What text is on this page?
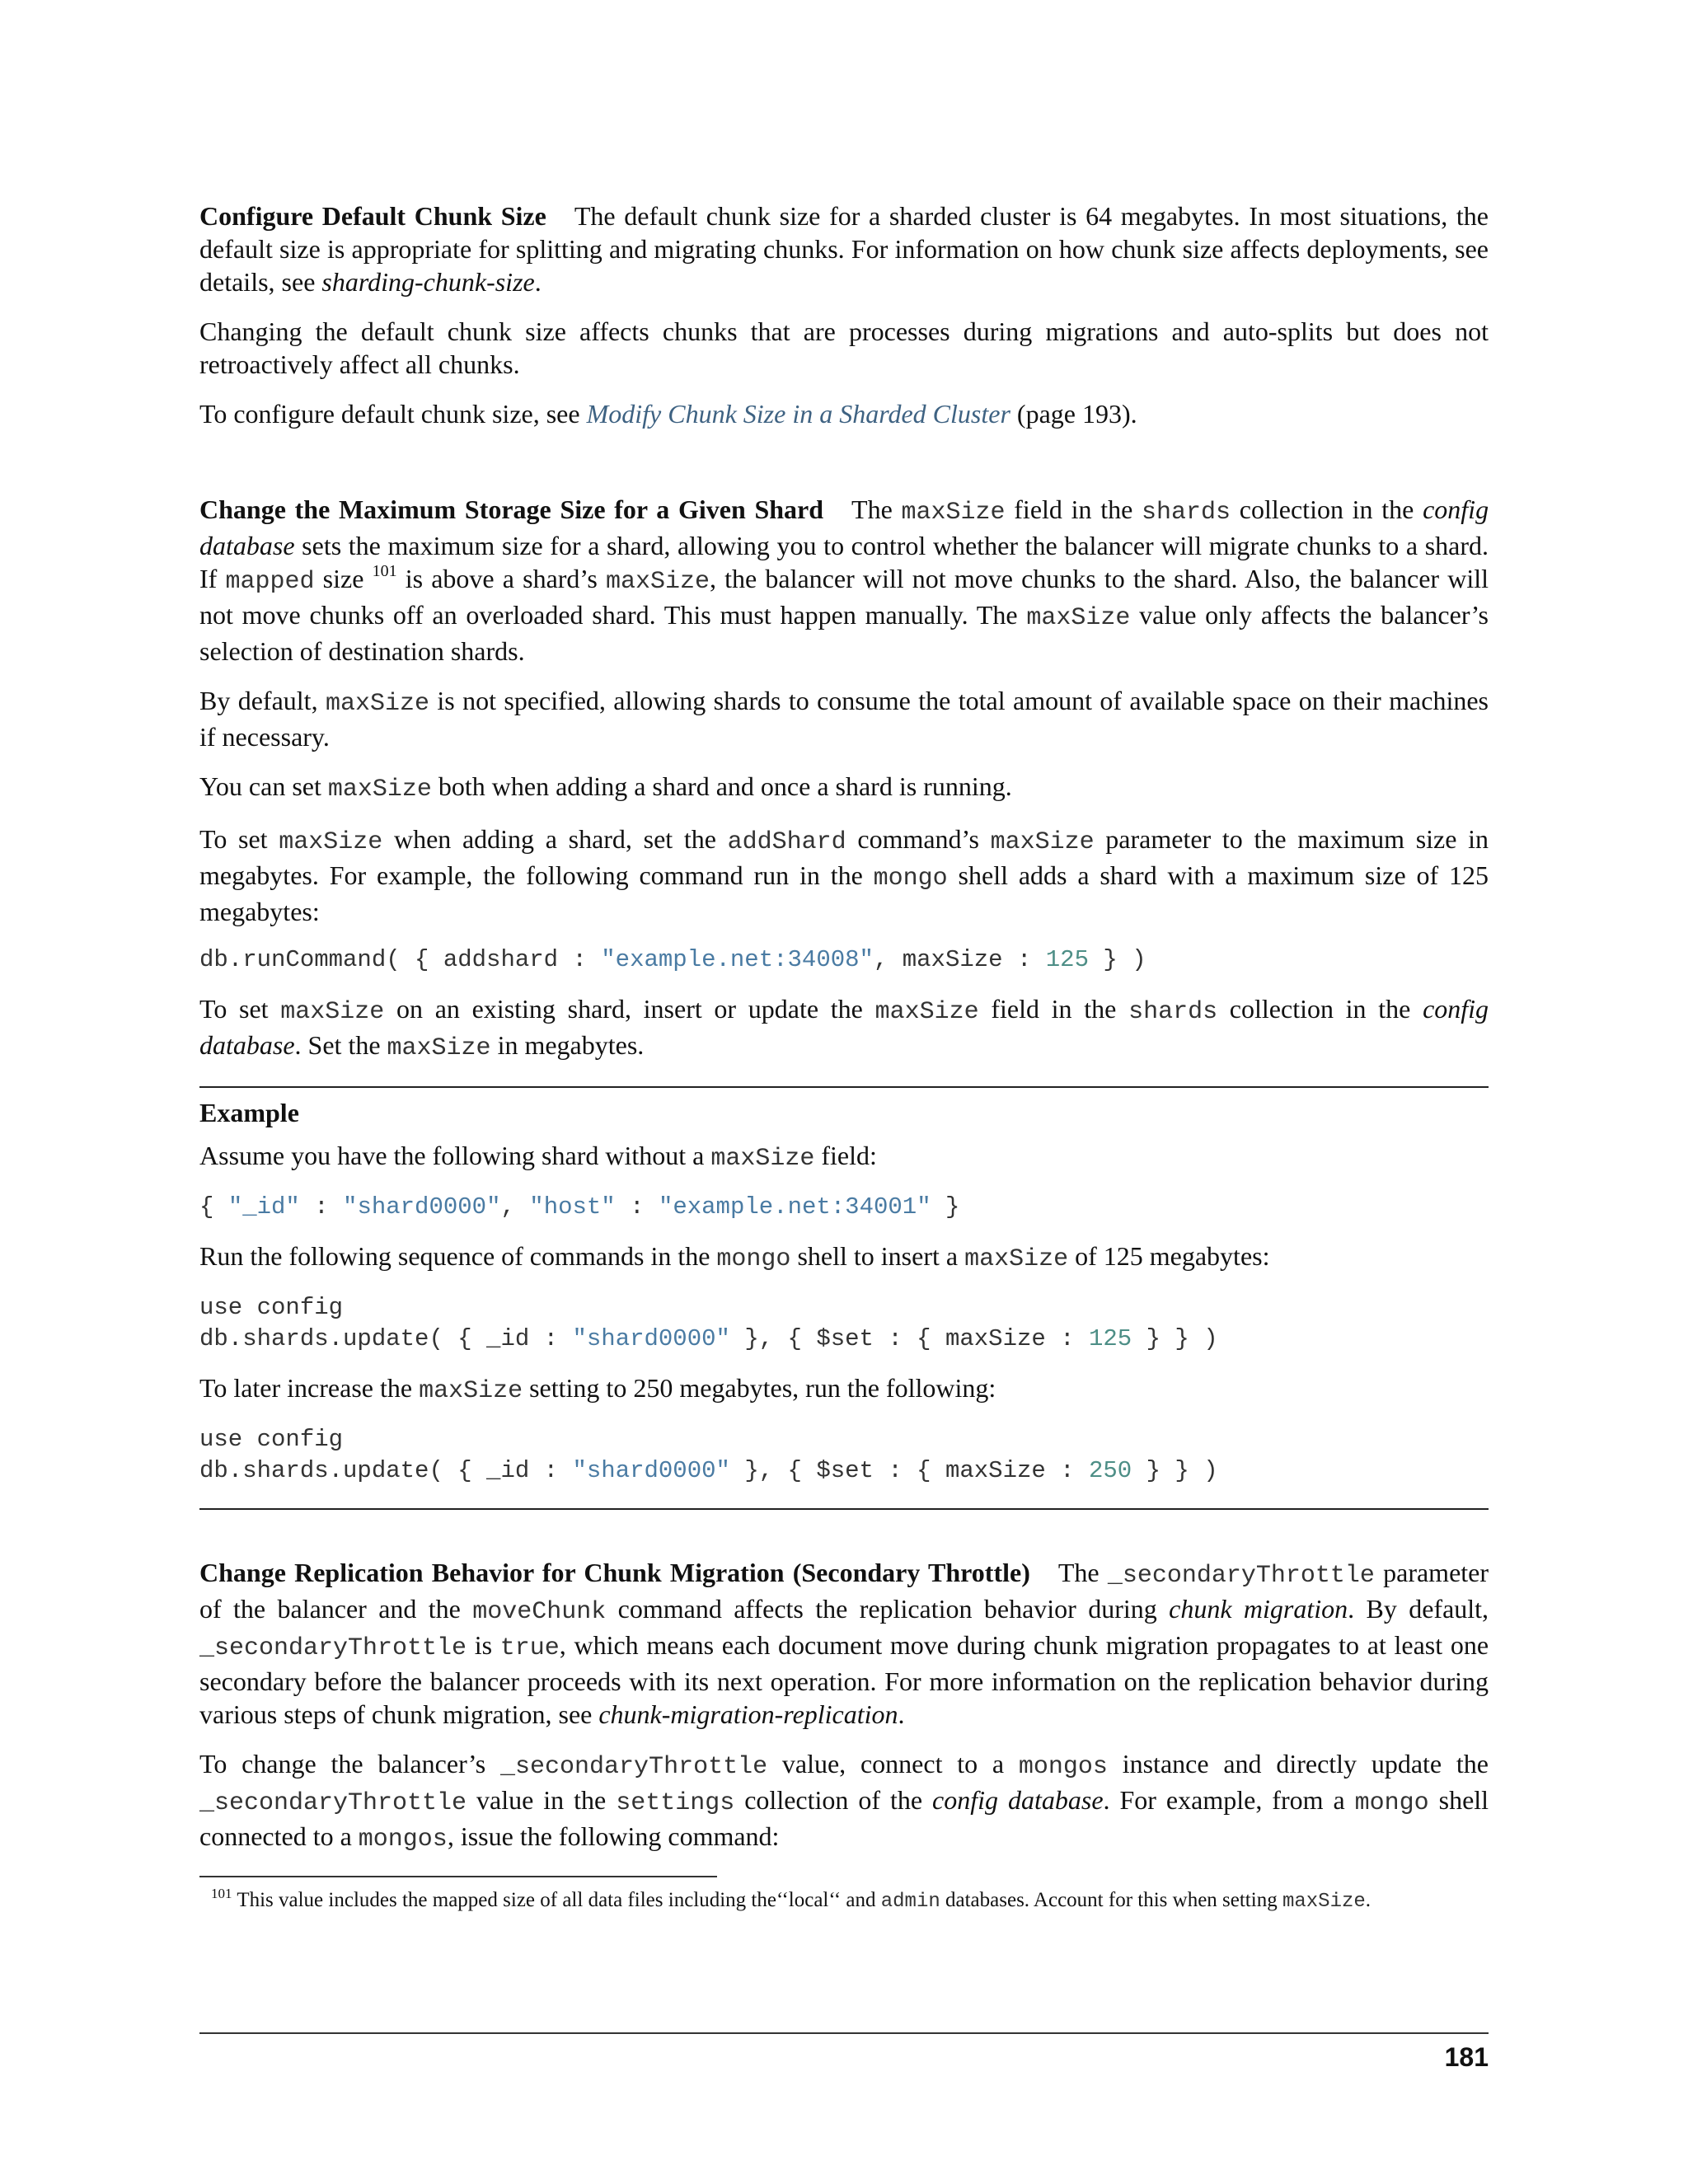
Configure Default Chunk Size The default chunk size for a sharded cluster is 64 megabytes. In most situations, the default size is appropriate for splitting and migrating chunks. For information on how chunk size affects deployments, see details, see sharding-chunk-size.

Changing the default chunk size affects chunks that are processes during migrations and auto-splits but does not retroactively affect all chunks.

To configure default chunk size, see Modify Chunk Size in a Sharded Cluster (page 193).

Change the Maximum Storage Size for a Given Shard The maxSize field in the shards collection in the config database sets the maximum size for a shard, allowing you to control whether the balancer will migrate chunks to a shard. If mapped size $^{101}$ is above a shard’s maxSize, the balancer will not move chunks to the shard. Also, the balancer will not move chunks off an overloaded shard. This must happen manually. The maxSize value only affects the balancer’s selection of destination shards.

By default, maxSize is not specified, allowing shards to consume the total amount of available space on their machines if necessary.

You can set maxSize both when adding a shard and once a shard is running.

To set maxSize when adding a shard, set the addShard command’s maxSize parameter to the maximum size in megabytes. For example, the following command run in the mongo shell adds a shard with a maximum size of 125 megabytes:

db.runCommand( { addshard : "example.net:34008", maxSize : 125 } )

To set maxSize on an existing shard, insert or update the maxSize field in the shards collection in the config database. Set the maxSize in megabytes.

Example

Assume you have the following shard without a maxSize field:

{ "_id" : "shard0000", "host" : "example.net:34001" }

Run the following sequence of commands in the mongo shell to insert a maxSize of 125 megabytes:

use config
db.shards.update( { _id : "shard0000" }, { $set : { maxSize : 125 } } )

To later increase the maxSize setting to 250 megabytes, run the following:

use config
db.shards.update( { _id : "shard0000" }, { $set : { maxSize : 250 } } )

Change Replication Behavior for Chunk Migration (Secondary Throttle) The _secondaryThrottle parameter of the balancer and the moveChunk command affects the replication behavior during chunk migration. By default, _secondaryThrottle is true, which means each document move during chunk migration propagates to at least one secondary before the balancer proceeds with its next operation. For more information on the replication behavior during various steps of chunk migration, see chunk-migration-replication.

To change the balancer’s _secondaryThrottle value, connect to a mongos instance and directly update the _secondaryThrottle value in the settings collection of the config database. For example, from a mongo shell connected to a mongos, issue the following command:

$^{101}$ This value includes the mapped size of all data files including the‘‘local‘‘ and admin databases. Account for this when setting maxSize.
181
